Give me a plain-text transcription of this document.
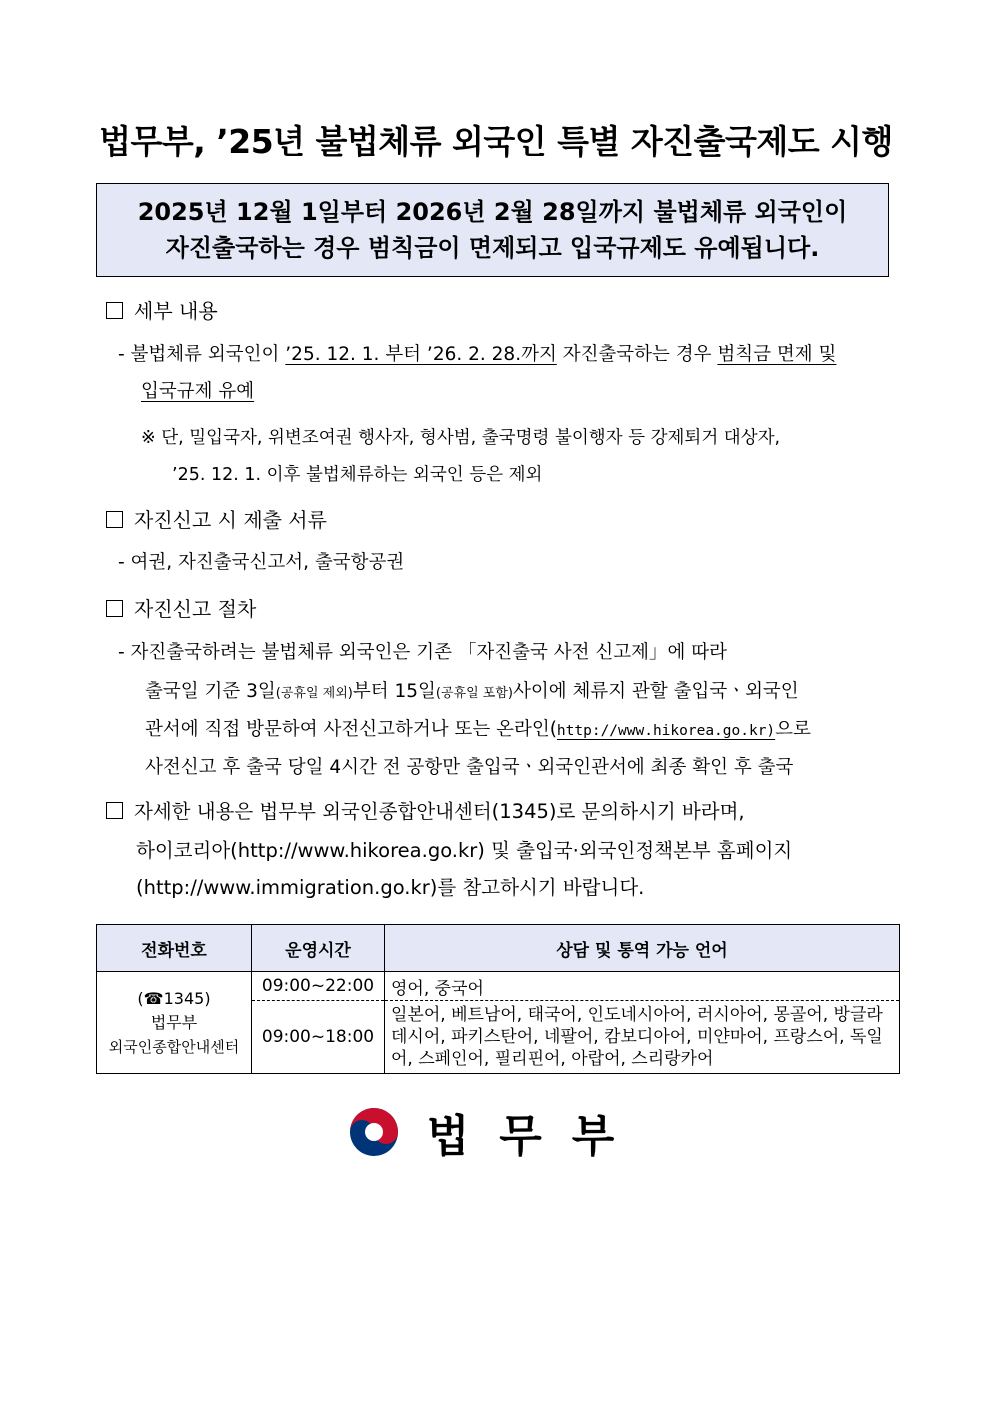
법무부, ’25년 불법체류 외국인 특별 자진출국제도 시행
2025년 12월 1일부터 2026년 2월 28일까지 불법체류 외국인이
자진출국하는 경우 범칙금이 면제되고 입국규제도 유예됩니다.
세부 내용
- 불법체류 외국인이 ’25. 12. 1. 부터 ’26. 2. 28.까지 자진출국하는 경우 범칙금 면제 및
입국규제 유예
※ 단, 밀입국자, 위변조여권 행사자, 형사범, 출국명령 불이행자 등 강제퇴거 대상자,
’25. 12. 1. 이후 불법체류하는 외국인 등은 제외
자진신고 시 제출 서류
- 여권, 자진출국신고서, 출국항공권
자진신고 절차
- 자진출국하려는 불법체류 외국인은 기존 「자진출국 사전 신고제」에 따라
출국일 기준 3일(공휴일 제외)부터 15일(공휴일 포함)사이에 체류지 관할 출입국ㆍ외국인
관서에 직접 방문하여 사전신고하거나 또는 온라인(http://www.hikorea.go.kr)으로
사전신고 후 출국 당일 4시간 전 공항만 출입국ㆍ외국인관서에 최종 확인 후 출국
자세한 내용은 법무부 외국인종합안내센터(1345)로 문의하시기 바라며,
하이코리아(http://www.hikorea.go.kr) 및 출입국·외국인정책본부 홈페이지
(http://www.immigration.go.kr)를 참고하시기 바랍니다.
전화번호	운영시간	상담 및 통역 가능 언어

(☎1345)
법무부
외국인종합안내센터	09:00~22:00	영어, 중국어
	09:00~18:00	일본어, 베트남어, 태국어, 인도네시아어, 러시아어, 몽골어, 방글라데시어, 파키스탄어, 네팔어, 캄보디아어, 미얀마어, 프랑스어, 독일어, 스페인어, 필리핀어, 아랍어, 스리랑카어
법무부
